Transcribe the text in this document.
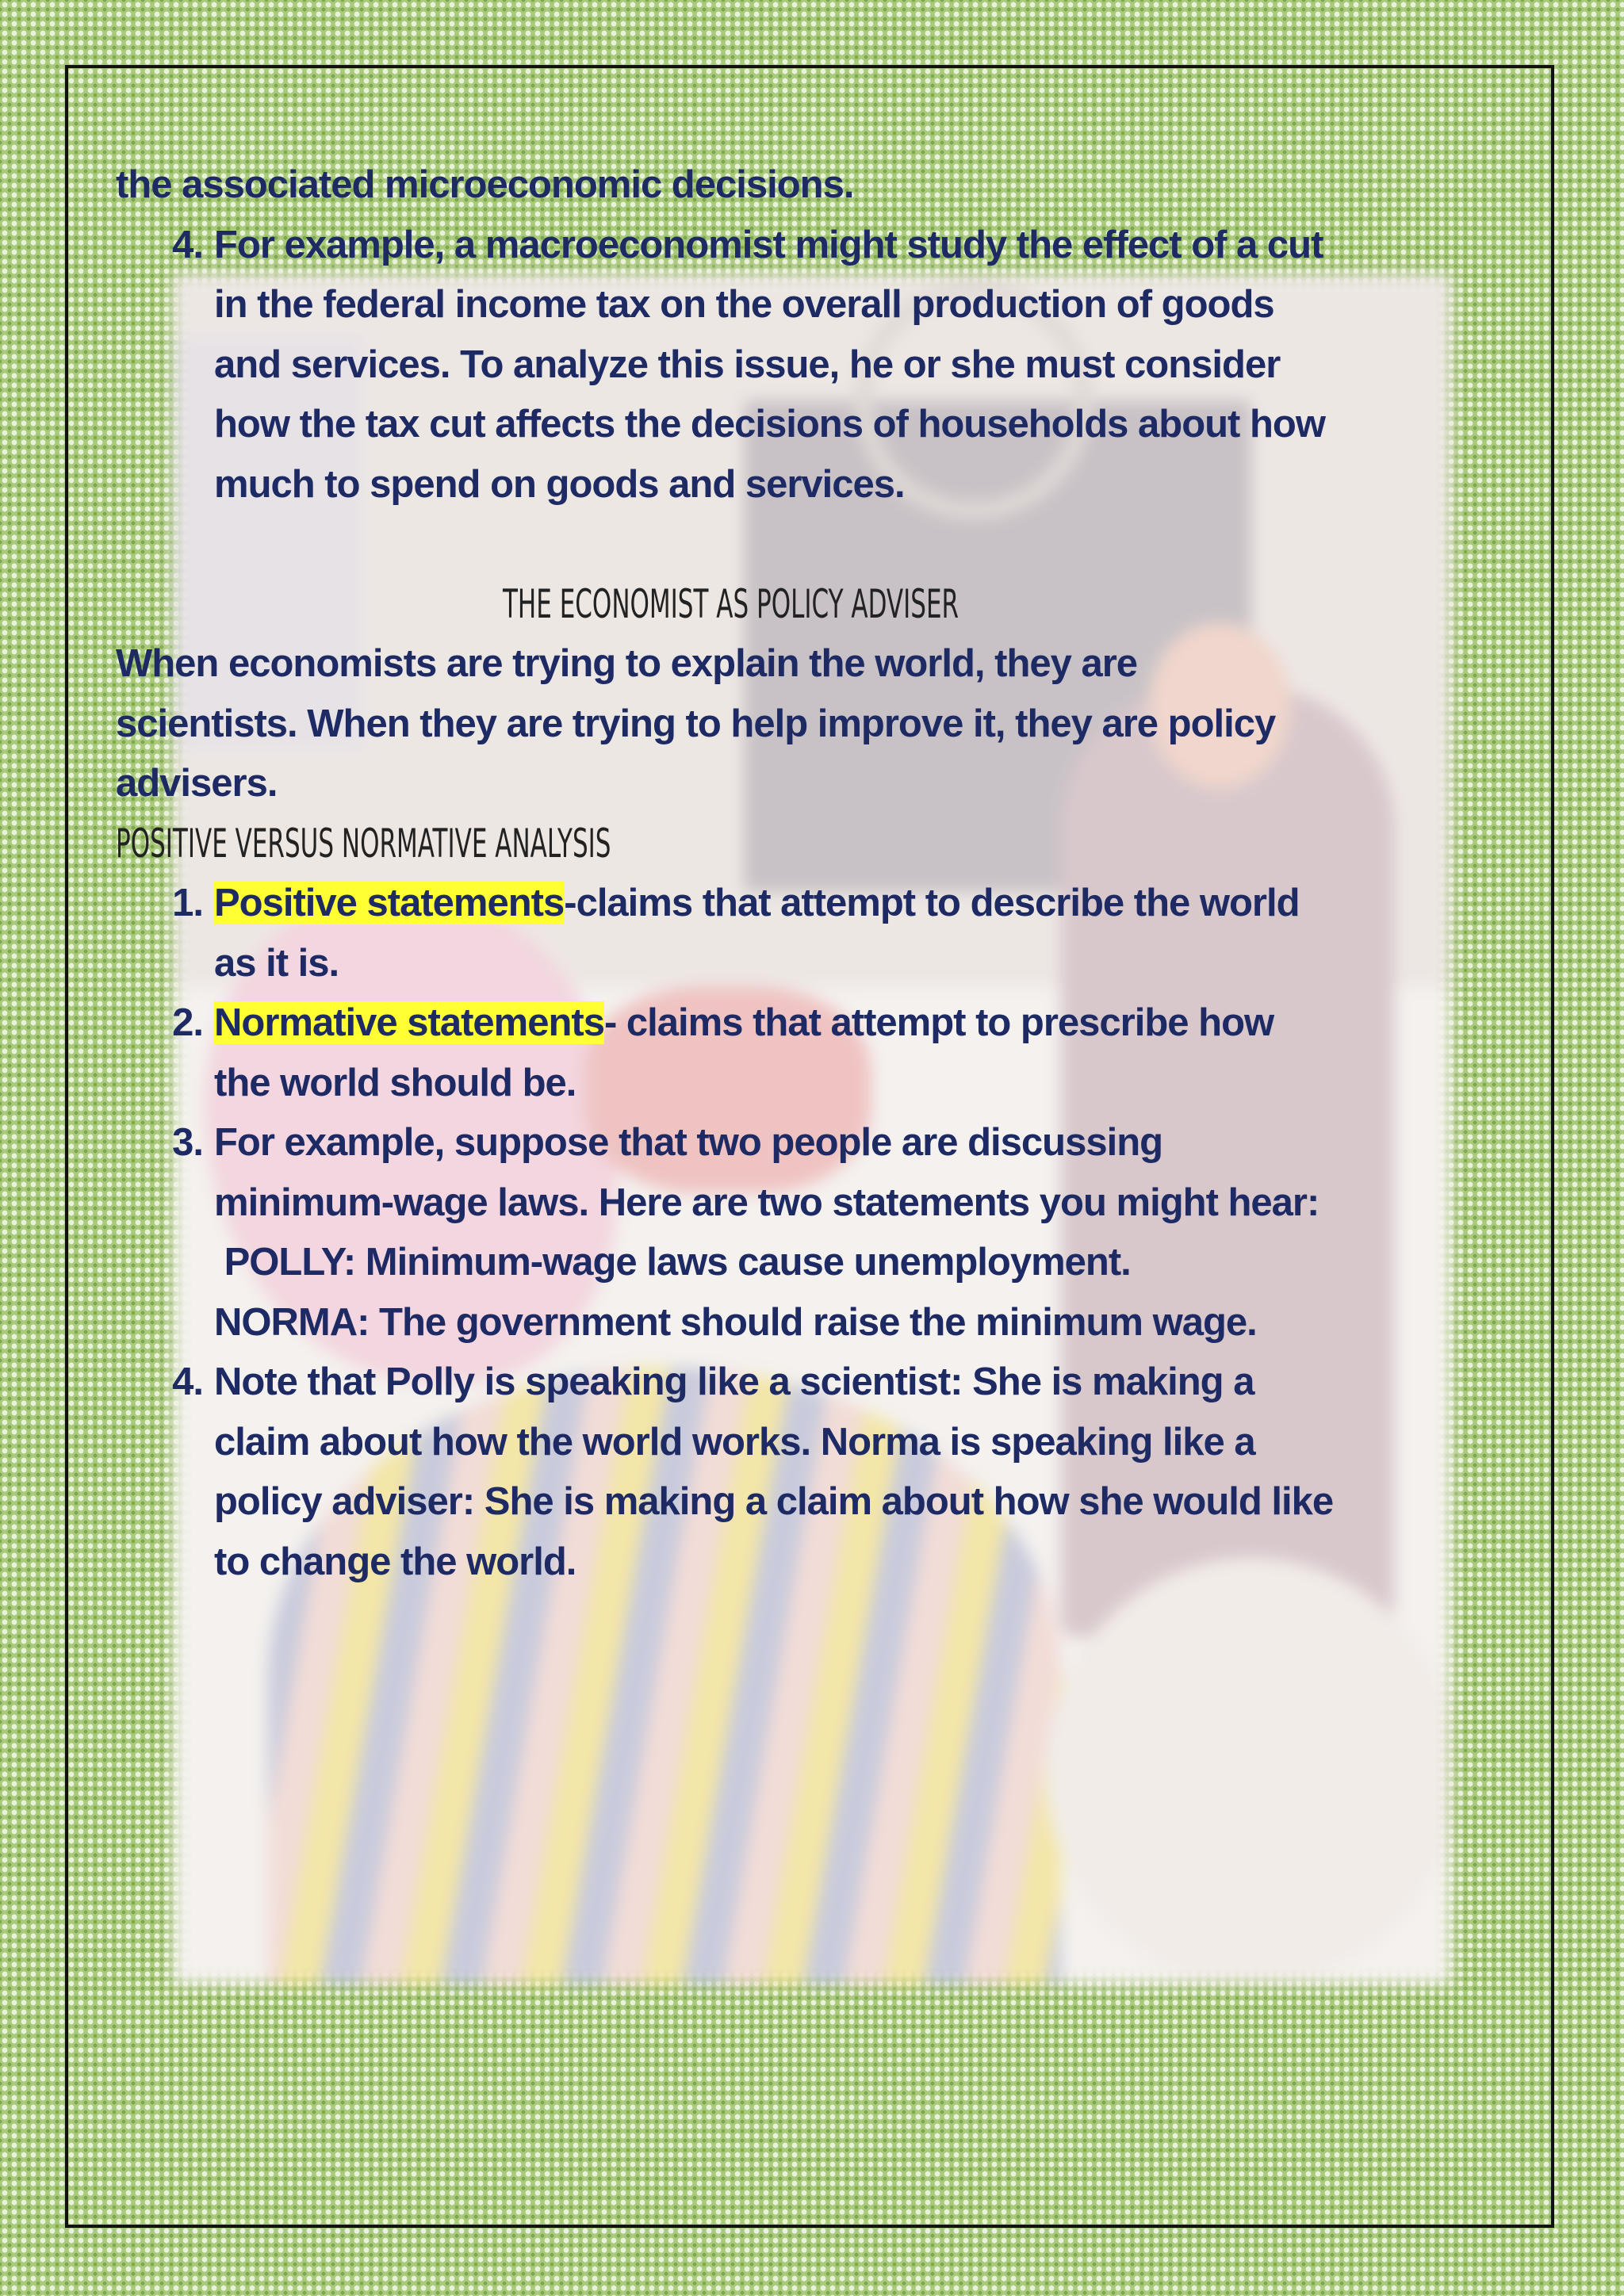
the associated microeconomic decisions.
4. For example, a macroeconomist might study the effect of a cut
in the federal income tax on the overall production of goods
and services. To analyze this issue, he or she must consider
how the tax cut affects the decisions of households about how
much to spend on goods and services.
THE ECONOMIST AS POLICY ADVISER
When economists are trying to explain the world, they are
scientists. When they are trying to help improve it, they are policy
advisers.
POSITIVE VERSUS NORMATIVE ANALYSIS
1. Positive statements-claims that attempt to describe the world
as it is.
2. Normative statements- claims that attempt to prescribe how
the world should be.
3. For example, suppose that two people are discussing
minimum-wage laws. Here are two statements you might hear:
POLLY: Minimum-wage laws cause unemployment.
NORMA: The government should raise the minimum wage.
4. Note that Polly is speaking like a scientist: She is making a
claim about how the world works. Norma is speaking like a
policy adviser: She is making a claim about how she would like
to change the world.
